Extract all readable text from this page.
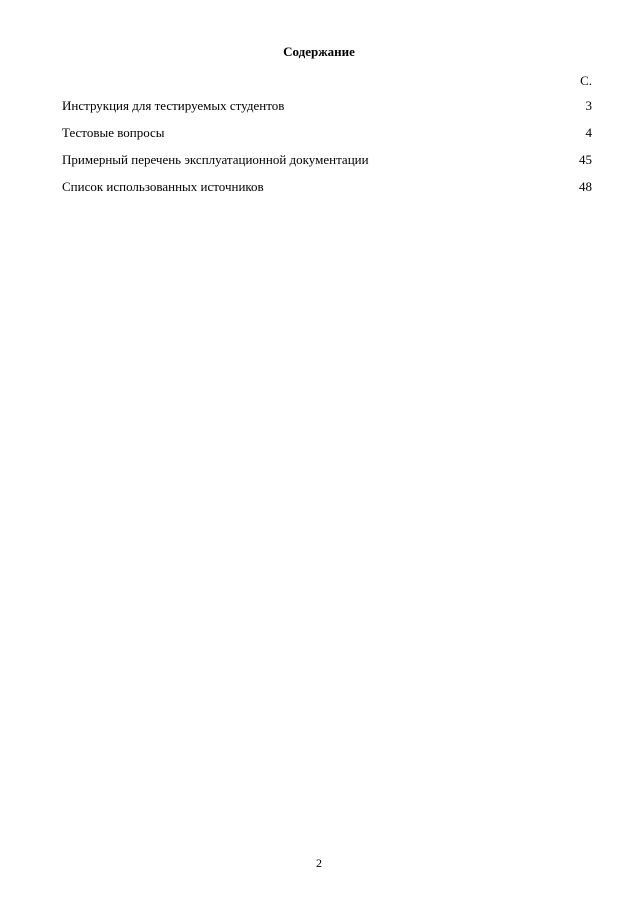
Содержание
С.
Инструкция для тестируемых студентов	3
Тестовые вопросы	4
Примерный перечень эксплуатационной документации	45
Список использованных источников	48
2
